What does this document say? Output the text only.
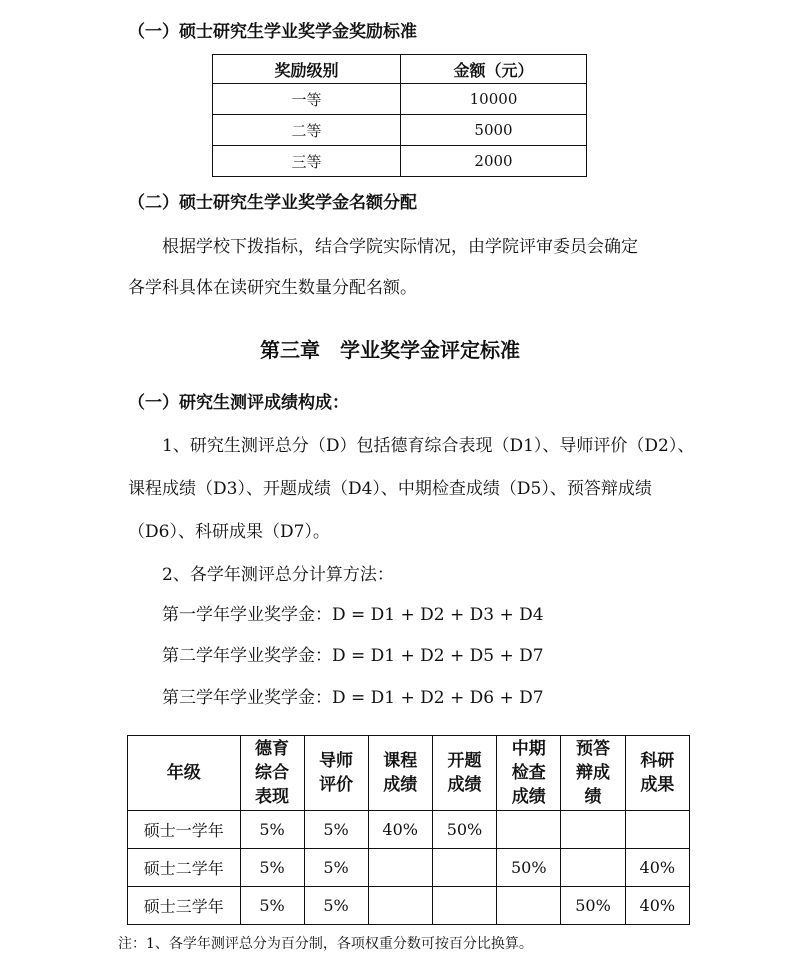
（一）硕士研究生学业奖学金奖励标准
奖励级别	金额（元）
一等	10000
二等	5000
三等	2000
（二）硕士研究生学业奖学金名额分配
根据学校下拨指标，结合学院实际情况，由学院评审委员会确定
各学科具体在读研究生数量分配名额。
第三章　学业奖学金评定标准
（一）研究生测评成绩构成：
1、研究生测评总分（D）包括德育综合表现（D1）、导师评价（D2）、
课程成绩（D3）、开题成绩（D4）、中期检查成绩（D5）、预答辩成绩
（D6）、科研成果（D7）。
2、各学年测评总分计算方法：
第一学年学业奖学金：D = D1 + D2 + D3 + D4
第二学年学业奖学金：D = D1 + D2 + D5 + D7
第三学年学业奖学金：D = D1 + D2 + D6 + D7
年级	德育
综合
表现	导师
评价	课程
成绩	开题
成绩	中期
检查
成绩	预答
辩成
绩	科研
成果

硕士一学年	5%	5%	40%	50%			
硕士二学年	5%	5%			50%		40%
硕士三学年	5%	5%				50%	40%
注：1、各学年测评总分为百分制，各项权重分数可按百分比换算。
